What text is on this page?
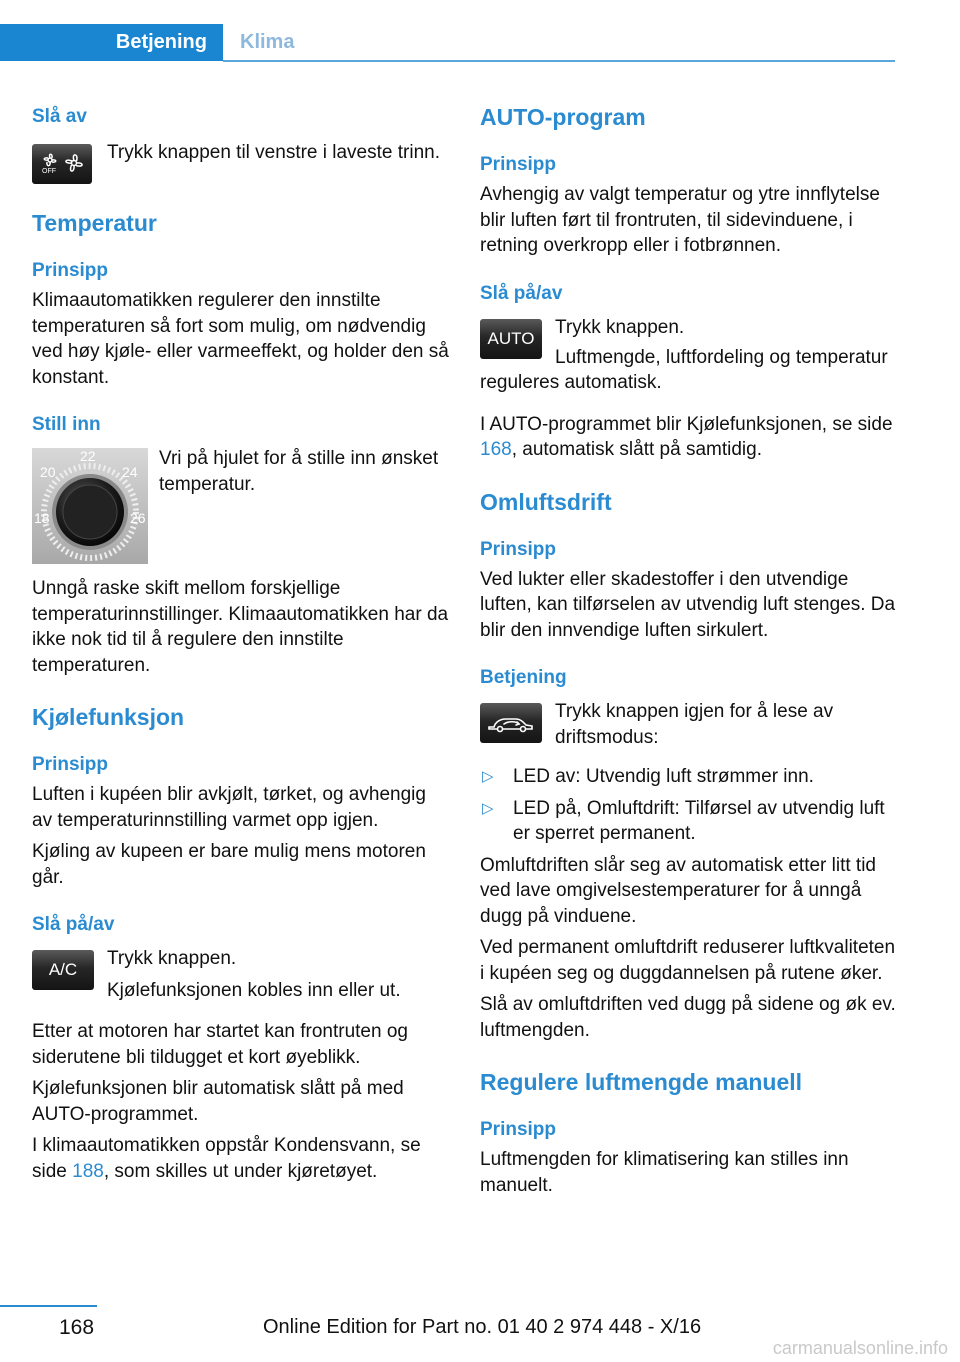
Betjening	Klima

Slå av

OFF

Trykk knappen til venstre i laveste trinn.

Temperatur

Prinsipp

Klimaautomatikken regulerer den innstilte temperaturen så fort som mulig, om nødvendig ved høy kjøle- eller varmeeffekt, og holder den så konstant.

Still inn

18
20
22
24
26

Vri på hjulet for å stille inn ønsket temperatur.

Unngå raske skift mellom forskjellige temperaturinnstillinger. Klimaautomatikken har da ikke nok tid til å regulere den innstilte temperaturen.

Kjølefunksjon

Prinsipp

Luften i kupéen blir avkjølt, tørket, og avhengig av temperaturinnstilling varmet opp igjen.

Kjøling av kupeen er bare mulig mens motoren går.

Slå på/av

A/C

Trykk knappen.

Kjølefunksjonen kobles inn eller ut.

Etter at motoren har startet kan frontruten og siderutene bli tildugget et kort øyeblikk.

Kjølefunksjonen blir automatisk slått på med AUTO-programmet.

I klimaautomatikken oppstår Kondensvann, se side 188, som skilles ut under kjøretøyet.

AUTO-program

Prinsipp

Avhengig av valgt temperatur og ytre innflytelse blir luften ført til frontruten, til sidevinduene, i retning overkropp eller i fotbrønnen.

Slå på/av

AUTO

Trykk knappen.

Luftmengde, luftfordeling og temperatur reguleres automatisk.

I AUTO-programmet blir Kjølefunksjonen, se side 168, automatisk slått på samtidig.

Omluftsdrift

Prinsipp

Ved lukter eller skadestoffer i den utvendige luften, kan tilførselen av utvendig luft stenges. Da blir den innvendige luften sirkulert.

Betjening

Trykk knappen igjen for å lese av driftsmodus:

▷ LED av: Utvendig luft strømmer inn.
▷ LED på, Omluftdrift: Tilførsel av utvendig luft er sperret permanent.

Omluftdriften slår seg av automatisk etter litt tid ved lave omgivelsestemperaturer for å unngå dugg på vinduene.

Ved permanent omluftdrift reduserer luftkvaliteten i kupéen seg og duggdannelsen på rutene øker.

Slå av omluftdriften ved dugg på sidene og øk ev. luftmengden.

Regulere luftmengde manuell

Prinsipp

Luftmengden for klimatisering kan stilles inn manuelt.

168	Online Edition for Part no. 01 40 2 974 448 - X/16
carmanualsonline.info
